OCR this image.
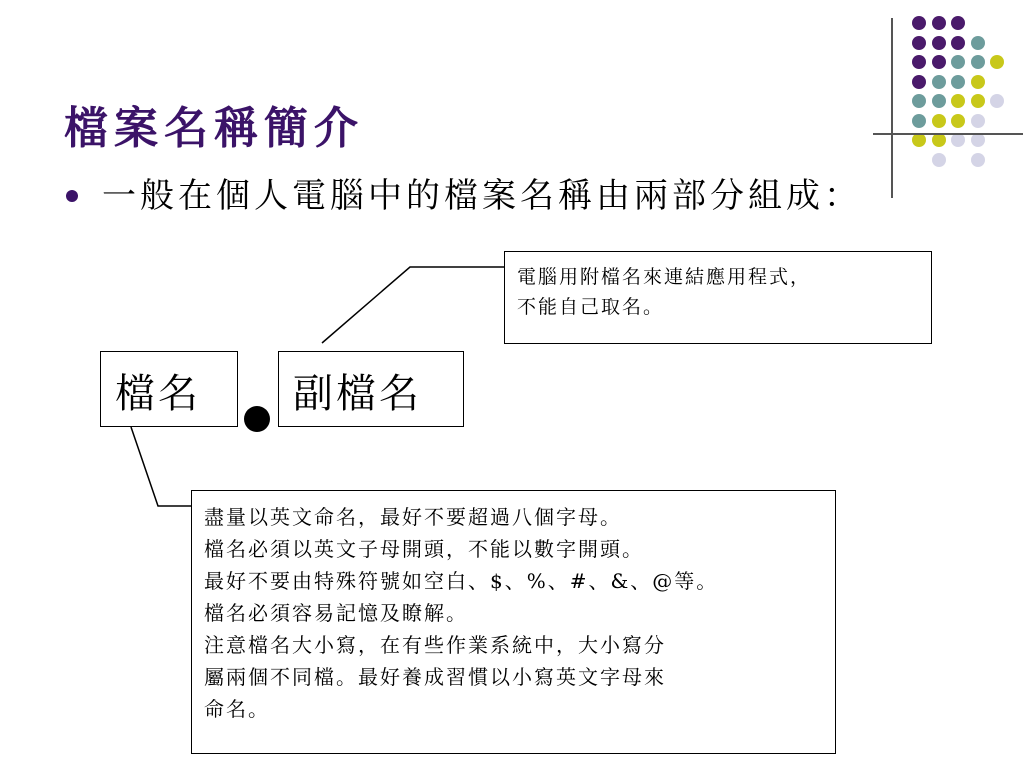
檔案名稱簡介
一般在個人電腦中的檔案名稱由兩部分組成：
檔名	副檔名
電腦用附檔名來連結應用程式，
不能自己取名。
盡量以英文命名，最好不要超過八個字母。
檔名必須以英文子母開頭，不能以數字開頭。
最好不要由特殊符號如空白、$、%、#、&、@等。
檔名必須容易記憶及瞭解。
注意檔名大小寫，在有些作業系統中，大小寫分
屬兩個不同檔。最好養成習慣以小寫英文字母來
命名。
